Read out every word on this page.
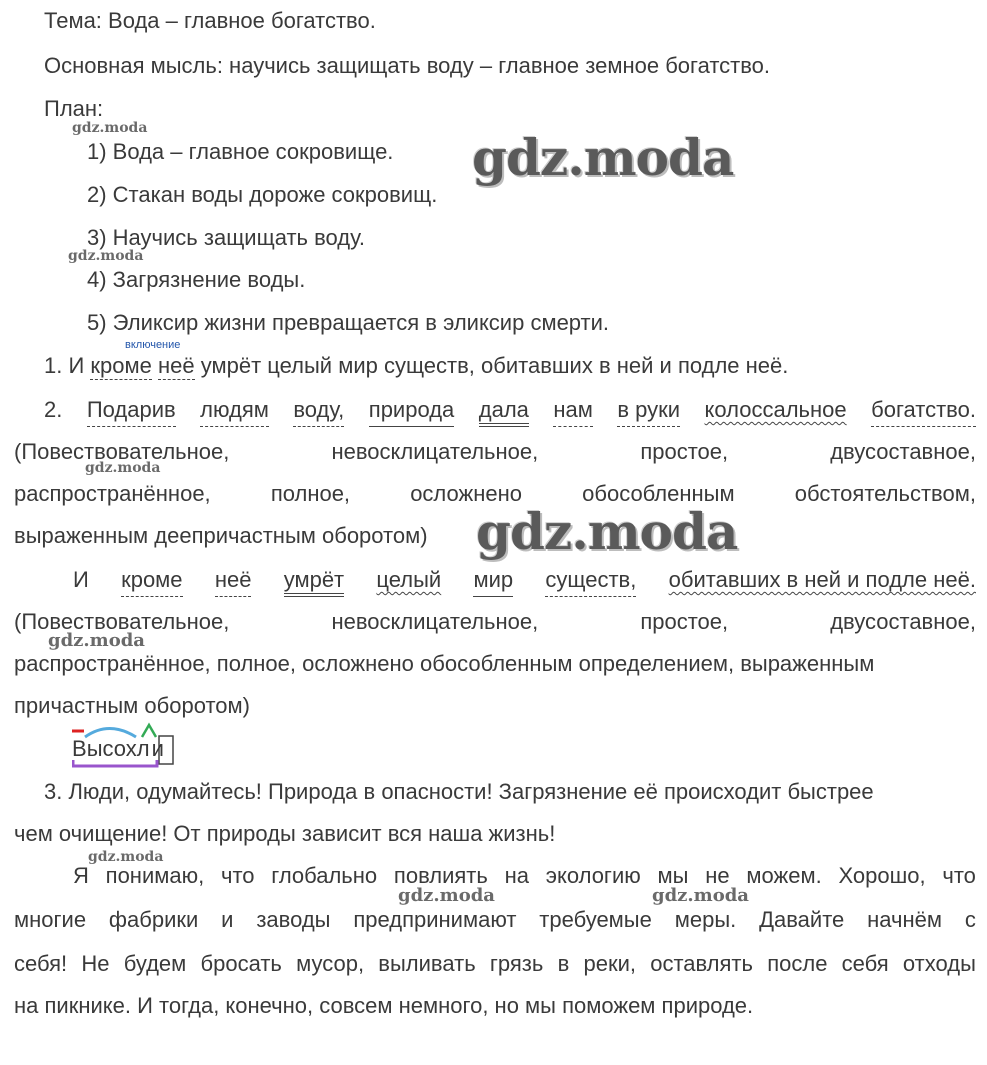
Тема: Вода – главное богатство.
Основная мысль: научись защищать воду – главное земное богатство.
План:
1) Вода – главное сокровище.
2) Стакан воды дороже сокровищ.
3) Научись защищать воду.
4) Загрязнение воды.
5) Эликсир жизни превращается в эликсир смерти.
включение
1. И кроме неё умрёт целый мир существ, обитавших в ней и подле неё.
2. Подарив людям воду, природа дала нам в руки колоссальное богатство.
(Повествовательное,	невосклицательное,	простое,	двусоставное,
распространённое,	полное,	осложнено	обособленным	обстоятельством,
выраженным деепричастным оборотом)
И кроме неё умрёт целый мир существ, обитавших в ней и подле неё.
(Повествовательное,	невосклицательное,	простое,	двусоставное,
распространённое, полное, осложнено обособленным определением, выраженным
причастным оборотом)
Высохли
3. Люди, одумайтесь! Природа в опасности! Загрязнение её происходит быстрее
чем очищение! От природы зависит вся наша жизнь!
Я понимаю, что глобально повлиять на экологию мы не можем. Хорошо, что
многие фабрики и заводы предпринимают требуемые меры. Давайте начнём с
себя! Не будем бросать мусор, выливать грязь в реки, оставлять после себя отходы
на пикнике. И тогда, конечно, совсем немного, но мы поможем природе.
gdz.moda
gdz.moda
gdz.moda
gdz.moda
gdz.moda
gdz.moda
gdz.moda
gdz.moda	gdz.moda
